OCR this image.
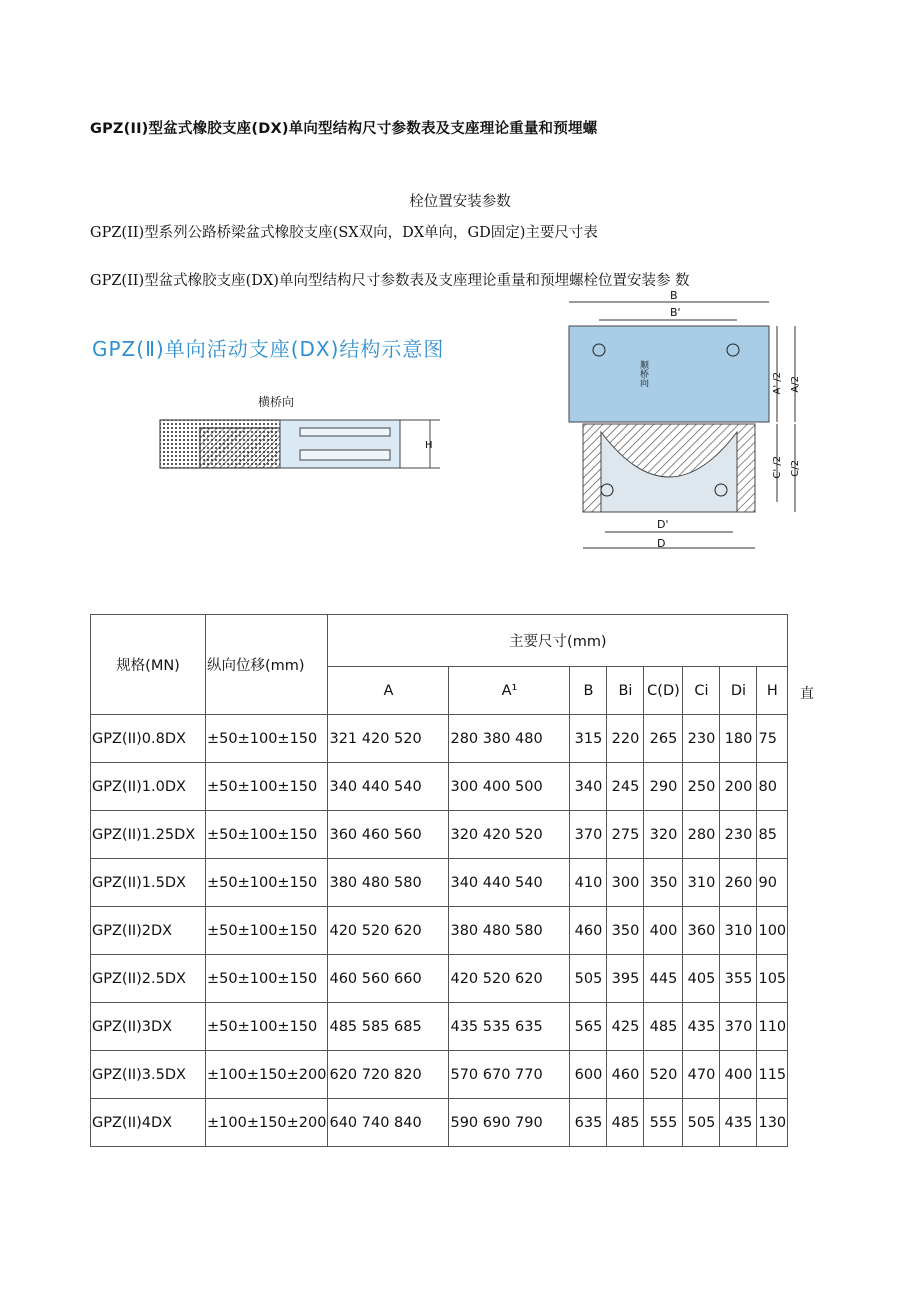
GPZ(II)型盆式橡胶支座(DX)单向型结构尺寸参数表及支座理论重量和预埋螺
栓位置安装参数
GPZ(II)型系列公路桥梁盆式橡胶支座(SX双向，DX单向，GD固定)主要尺寸表
GPZ(II)型盆式橡胶支座(DX)单向型结构尺寸参数表及支座理论重量和预埋螺栓位置安装参 数
GPZ(Ⅱ)单向活动支座(DX)结构示意图
横桥向
H
B
B'
顺桥向	A' /2 A/2
C' /2 C/2
D'
D
规格(MN)	纵向位移(mm)	主要尺寸(mm)							
		A	A¹	B	Bi	C(D)	Ci	Di	H
GPZ(II)0.8DX	±50±100±150	321 420 520	280 380 480	315	220	265	230	180	75
GPZ(II)1.0DX	±50±100±150	340 440 540	300 400 500	340	245	290	250	200	80
GPZ(II)1.25DX	±50±100±150	360 460 560	320 420 520	370	275	320	280	230	85
GPZ(II)1.5DX	±50±100±150	380 480 580	340 440 540	410	300	350	310	260	90
GPZ(II)2DX	±50±100±150	420 520 620	380 480 580	460	350	400	360	310	100
GPZ(II)2.5DX	±50±100±150	460 560 660	420 520 620	505	395	445	405	355	105
GPZ(II)3DX	±50±100±150	485 585 685	435 535 635	565	425	485	435	370	110
GPZ(II)3.5DX	±100±150±200	620 720 820	570 670 770	600	460	520	470	400	115
GPZ(II)4DX	±100±150±200	640 740 840	590 690 790	635	485	555	505	435	130
直
